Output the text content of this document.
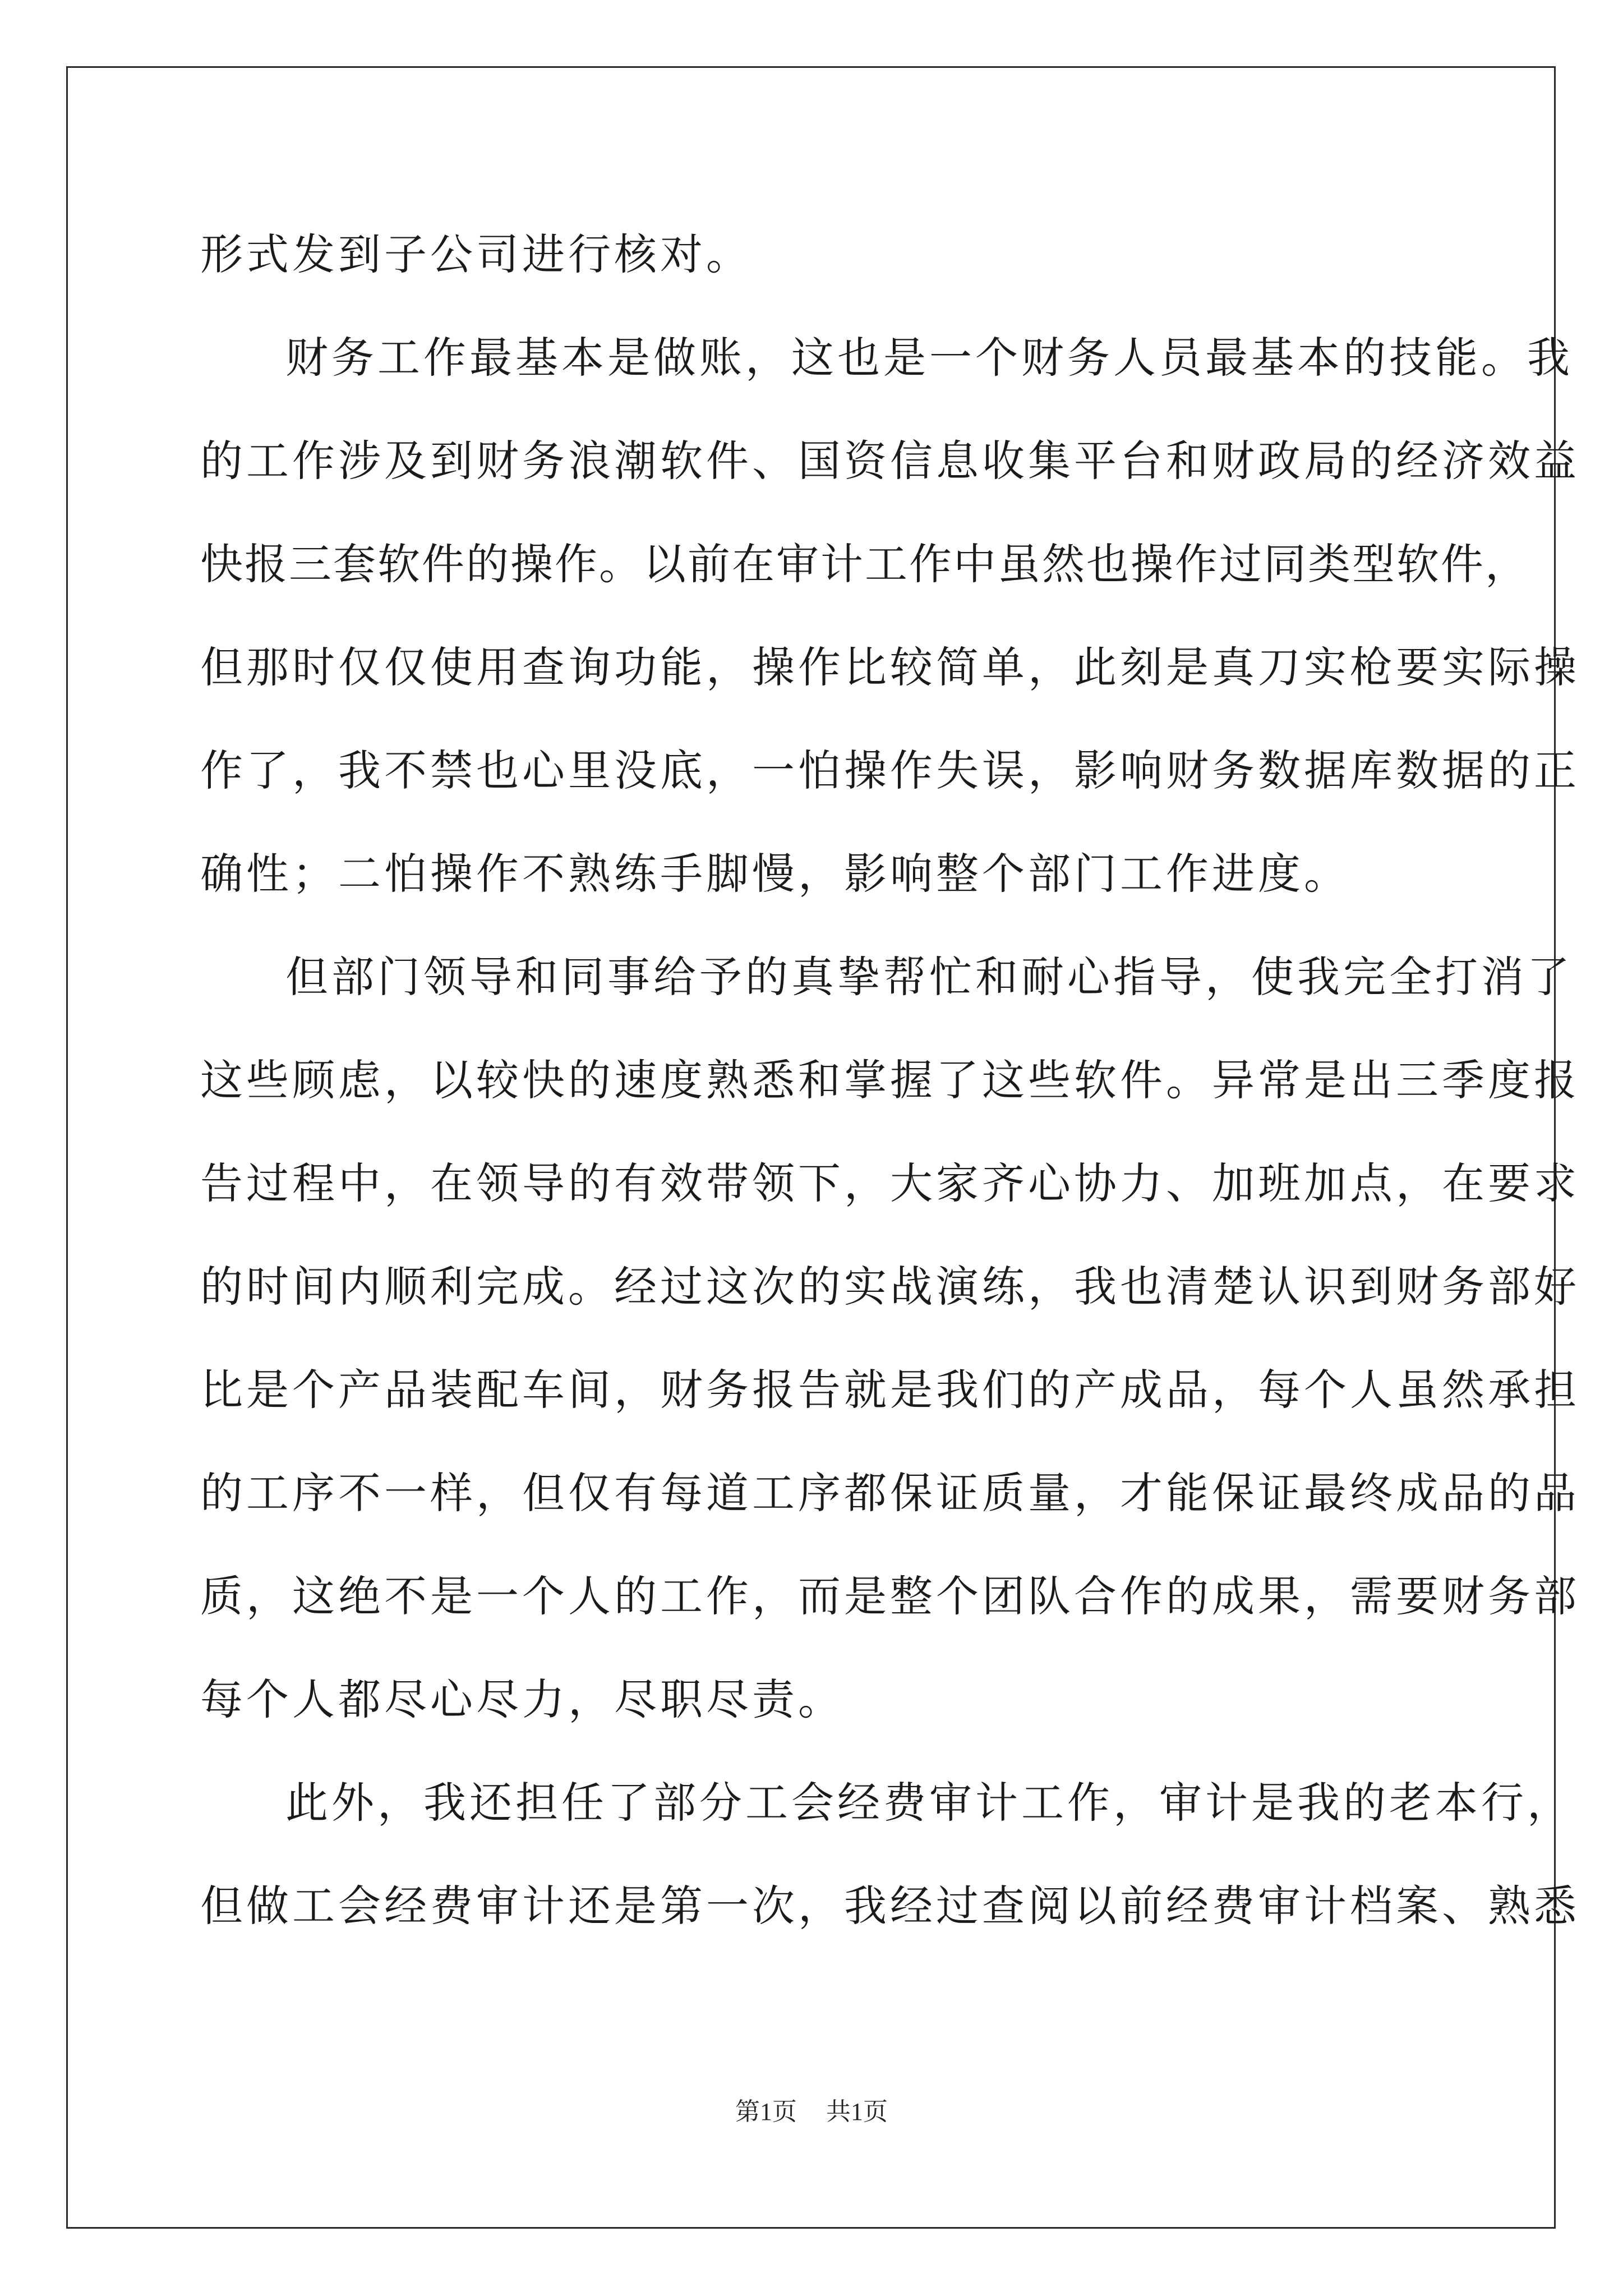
形式发到子公司进行核对。
财务工作最基本是做账，这也是一个财务人员最基本的技能。我
的工作涉及到财务浪潮软件、国资信息收集平台和财政局的经济效益
快报三套软件的操作。以前在审计工作中虽然也操作过同类型软件，
但那时仅仅使用查询功能，操作比较简单，此刻是真刀实枪要实际操
作了，我不禁也心里没底，一怕操作失误，影响财务数据库数据的正
确性；二怕操作不熟练手脚慢，影响整个部门工作进度。
但部门领导和同事给予的真挚帮忙和耐心指导，使我完全打消了
这些顾虑，以较快的速度熟悉和掌握了这些软件。异常是出三季度报
告过程中，在领导的有效带领下，大家齐心协力、加班加点，在要求
的时间内顺利完成。经过这次的实战演练，我也清楚认识到财务部好
比是个产品装配车间，财务报告就是我们的产成品，每个人虽然承担
的工序不一样，但仅有每道工序都保证质量，才能保证最终成品的品
质，这绝不是一个人的工作，而是整个团队合作的成果，需要财务部
每个人都尽心尽力，尽职尽责。
此外，我还担任了部分工会经费审计工作，审计是我的老本行，
但做工会经费审计还是第一次，我经过查阅以前经费审计档案、熟悉
第1页 共1页
